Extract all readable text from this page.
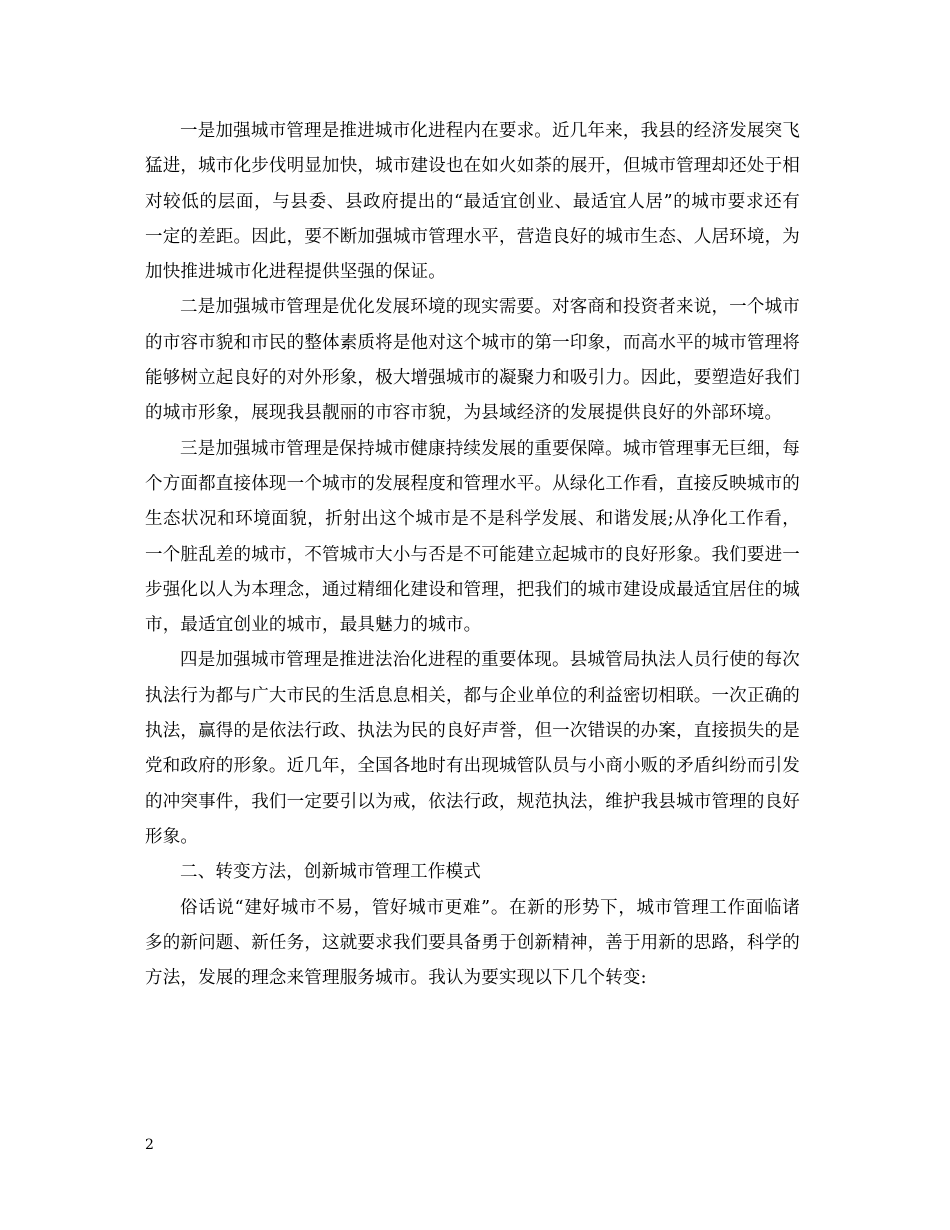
一是加强城市管理是推进城市化进程内在要求。近几年来，我县的经济发展突飞猛进，城市化步伐明显加快，城市建设也在如火如荼的展开，但城市管理却还处于相对较低的层面，与县委、县政府提出的“最适宜创业、最适宜人居”的城市要求还有一定的差距。因此，要不断加强城市管理水平，营造良好的城市生态、人居环境，为加快推进城市化进程提供坚强的保证。

二是加强城市管理是优化发展环境的现实需要。对客商和投资者来说，一个城市的市容市貌和市民的整体素质将是他对这个城市的第一印象，而高水平的城市管理将能够树立起良好的对外形象，极大增强城市的凝聚力和吸引力。因此，要塑造好我们的城市形象，展现我县靓丽的市容市貌，为县域经济的发展提供良好的外部环境。

三是加强城市管理是保持城市健康持续发展的重要保障。城市管理事无巨细，每个方面都直接体现一个城市的发展程度和管理水平。从绿化工作看，直接反映城市的生态状况和环境面貌，折射出这个城市是不是科学发展、和谐发展;从净化工作看，一个脏乱差的城市，不管城市大小与否是不可能建立起城市的良好形象。我们要进一步强化以人为本理念，通过精细化建设和管理，把我们的城市建设成最适宜居住的城市，最适宜创业的城市，最具魅力的城市。

四是加强城市管理是推进法治化进程的重要体现。县城管局执法人员行使的每次执法行为都与广大市民的生活息息相关，都与企业单位的利益密切相联。一次正确的执法，赢得的是依法行政、执法为民的良好声誉，但一次错误的办案，直接损失的是党和政府的形象。近几年，全国各地时有出现城管队员与小商小贩的矛盾纠纷而引发的冲突事件，我们一定要引以为戒，依法行政，规范执法，维护我县城市管理的良好形象。

二、转变方法，创新城市管理工作模式

俗话说“建好城市不易，管好城市更难”。在新的形势下，城市管理工作面临诸多的新问题、新任务，这就要求我们要具备勇于创新精神，善于用新的思路，科学的方法，发展的理念来管理服务城市。我认为要实现以下几个转变:

2
